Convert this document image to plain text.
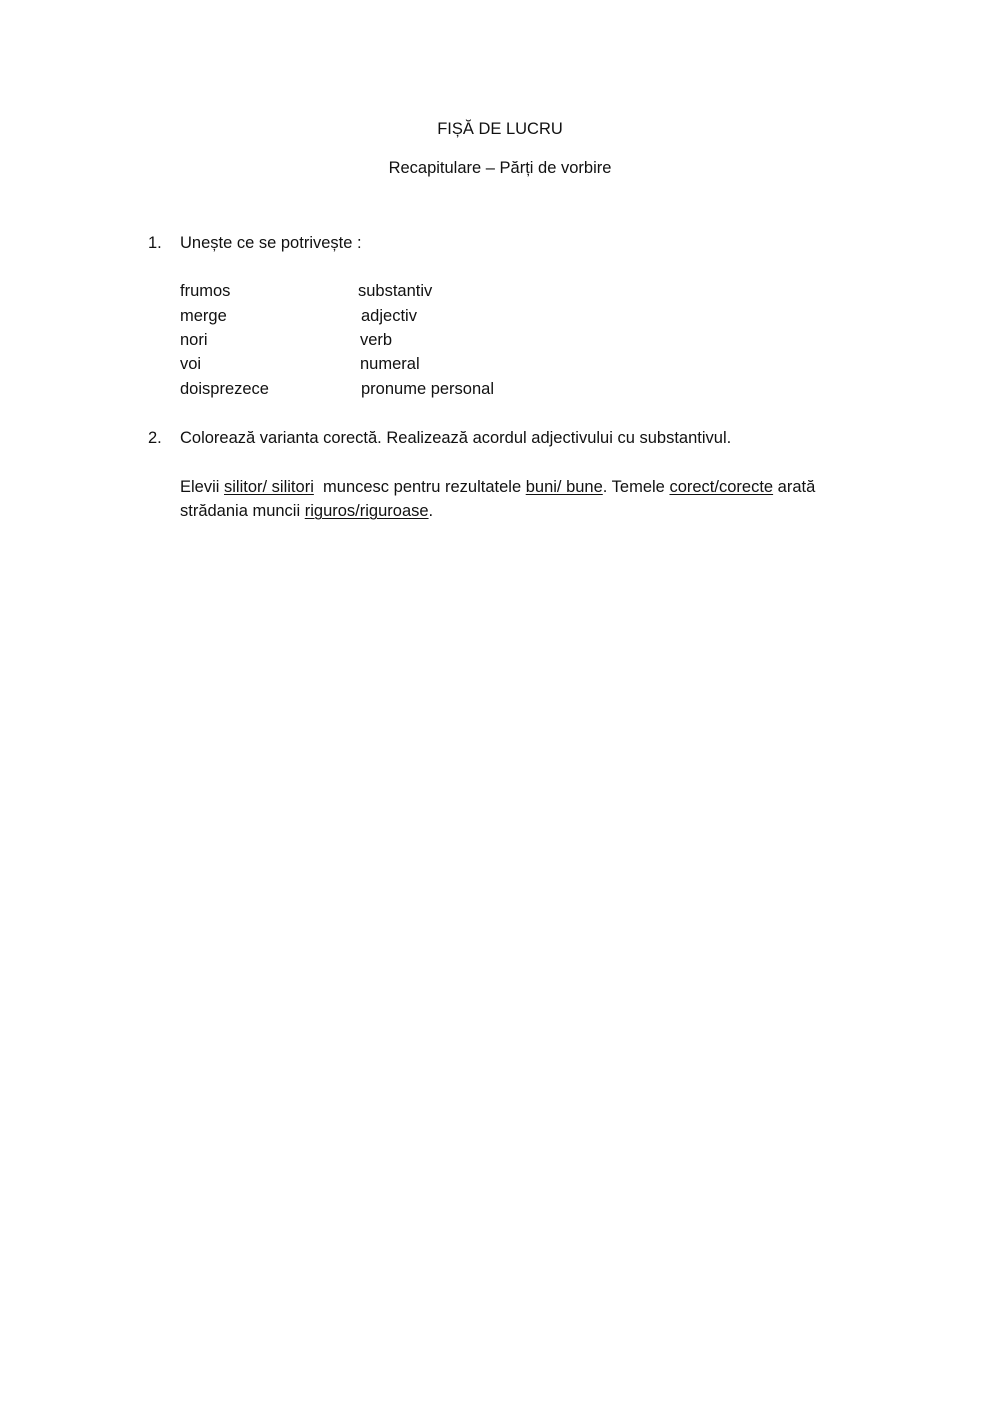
FIȘĂ DE LUCRU
Recapitulare – Părți de vorbire
1. Unește ce se potrivește :
frumos	substantiv
merge	adjectiv
nori	verb
voi	numeral
doisprezece	pronume personal
2. Colorează varianta corectă. Realizează acordul adjectivului cu substantivul.
Elevii silitor/ silitori  muncesc pentru rezultatele buni/ bune. Temele corect/corecte arată
strădania muncii riguros/riguroase.
